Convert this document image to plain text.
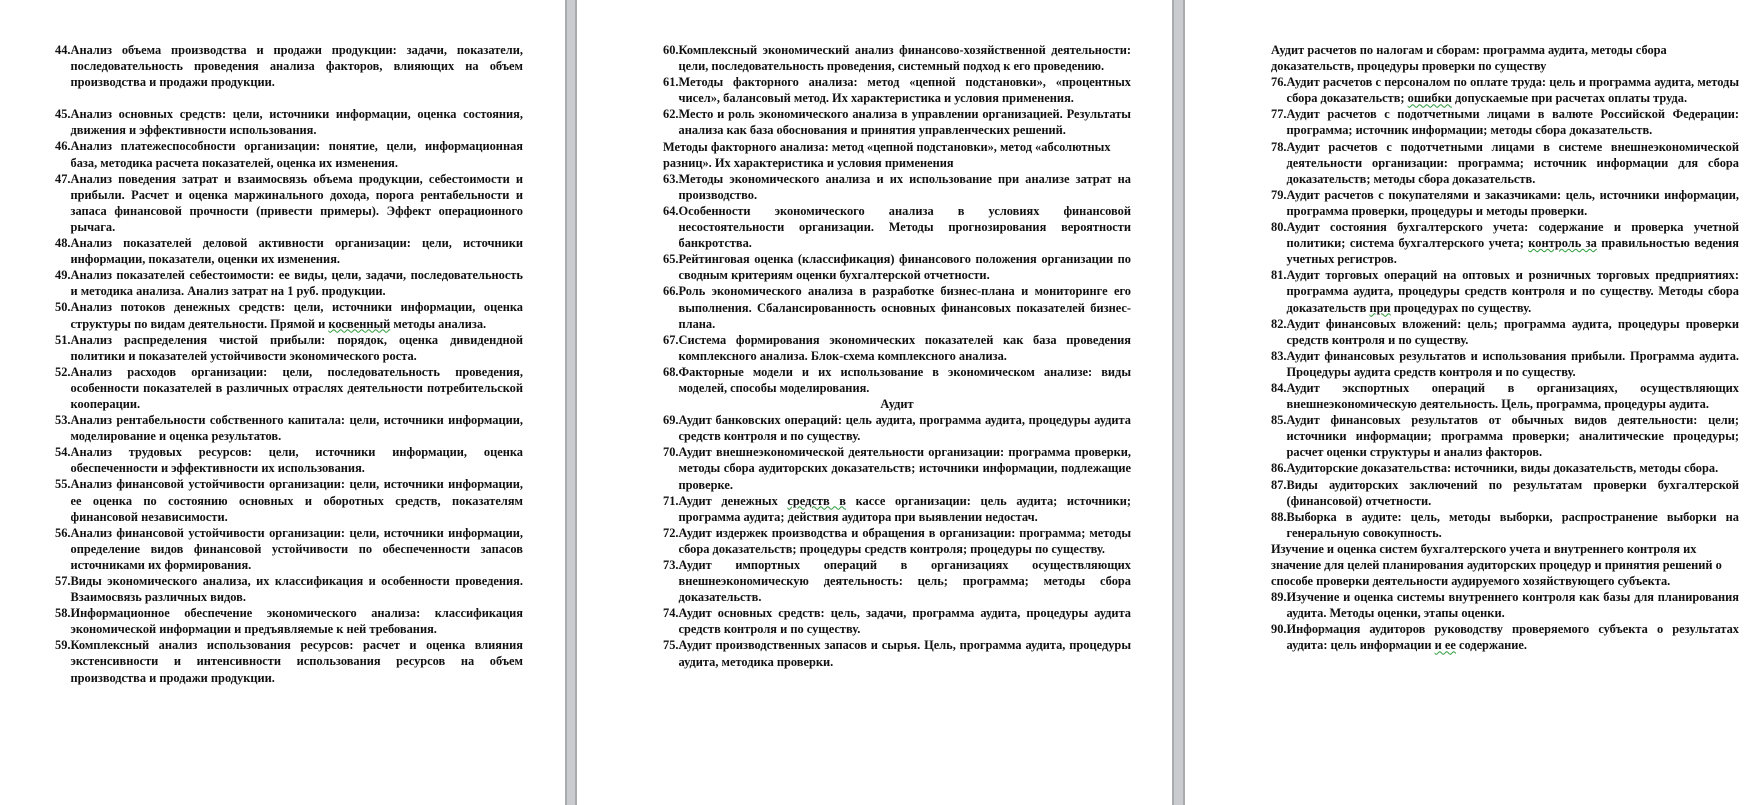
44. Анализ объема производства и продажи продукции: задачи, показатели, последовательность проведения анализа факторов, влияющих на объем производства и продажи продукции.
45. Анализ основных средств: цели, источники информации, оценка состояния, движения и эффективности использования.
46. Анализ платежеспособности организации: понятие, цели, информационная база, методика расчета показателей, оценка их изменения.
47. Анализ поведения затрат и взаимосвязь объема продукции, себестоимости и прибыли. Расчет и оценка маржинального дохода, порога рентабельности и запаса финансовой прочности (привести примеры). Эффект операционного рычага.
48. Анализ показателей деловой активности организации: цели, источники информации, показатели, оценки их изменения.
49. Анализ показателей себестоимости: ее виды, цели, задачи, последовательность и методика анализа. Анализ затрат на 1 руб. продукции.
50. Анализ потоков денежных средств: цели, источники информации, оценка структуры по видам деятельности. Прямой и косвенный методы анализа.
51. Анализ распределения чистой прибыли: порядок, оценка дивидендной политики и показателей устойчивости экономического роста.
52. Анализ расходов организации: цели, последовательность проведения, особенности показателей в различных отраслях деятельности потребительской кооперации.
53. Анализ рентабельности собственного капитала: цели, источники информации, моделирование и оценка результатов.
54. Анализ трудовых ресурсов: цели, источники информации, оценка обеспеченности и эффективности их использования.
55. Анализ финансовой устойчивости организации: цели, источники информации, ее оценка по состоянию основных и оборотных средств, показателям финансовой независимости.
56. Анализ финансовой устойчивости организации: цели, источники информации, определение видов финансовой устойчивости по обеспеченности запасов источниками их формирования.
57. Виды экономического анализа, их классификация и особенности проведения. Взаимосвязь различных видов.
58. Информационное обеспечение экономического анализа: классификация экономической информации и предъявляемые к ней требования.
59. Комплексный анализ использования ресурсов: расчет и оценка влияния экстенсивности и интенсивности использования ресурсов на объем производства и продажи продукции.
60. Комплексный экономический анализ финансово-хозяйственной деятельности: цели, последовательность проведения, системный подход к его проведению.
61. Методы факторного анализа: метод «цепной подстановки», «процентных чисел», балансовый метод. Их характеристика и условия применения.
62. Место и роль экономического анализа в управлении организацией. Результаты анализа как база обоснования и принятия управленческих решений.
Методы факторного анализа: метод «цепной подстановки», метод «абсолютных разниц». Их характеристика и условия применения
63. Методы экономического анализа и их использование при анализе затрат на производство.
64. Особенности экономического анализа в условиях финансовой несостоятельности организации. Методы прогнозирования вероятности банкротства.
65. Рейтинговая оценка (классификация) финансового положения организации по сводным критериям оценки бухгалтерской отчетности.
66. Роль экономического анализа в разработке бизнес-плана и мониторинге его выполнения. Сбалансированность основных финансовых показателей бизнес-плана.
67. Система формирования экономических показателей как база проведения комплексного анализа. Блок-схема комплексного анализа.
68. Факторные модели и их использование в экономическом анализе: виды моделей, способы моделирования.
Аудит
69. Аудит банковских операций: цель аудита, программа аудита, процедуры аудита средств контроля и по существу.
70. Аудит внешнеэкономической деятельности организации: программа проверки, методы сбора аудиторских доказательств; источники информации, подлежащие проверке.
71. Аудит денежных средств в кассе организации: цель аудита; источники; программа аудита; действия аудитора при выявлении недостач.
72. Аудит издержек производства и обращения в организации: программа; методы сбора доказательств; процедуры средств контроля; процедуры по существу.
73. Аудит импортных операций в организациях осуществляющих внешнеэкономическую деятельность: цель; программа; методы сбора доказательств.
74. Аудит основных средств: цель, задачи, программа аудита, процедуры аудита средств контроля и по существу.
75. Аудит производственных запасов и сырья. Цель, программа аудита, процедуры аудита, методика проверки.
Аудит расчетов по налогам и сборам: программа аудита, методы сбора доказательств, процедуры проверки по существу
76. Аудит расчетов с персоналом по оплате труда: цель и программа аудита, методы сбора доказательств; ошибки допускаемые при расчетах оплаты труда.
77. Аудит расчетов с подотчетными лицами в валюте Российской Федерации: программа; источник информации; методы сбора доказательств.
78. Аудит расчетов с подотчетными лицами в системе внешнеэкономической деятельности организации: программа; источник информации для сбора доказательств; методы сбора доказательств.
79. Аудит расчетов с покупателями и заказчиками: цель, источники информации, программа проверки, процедуры и методы проверки.
80. Аудит состояния бухгалтерского учета: содержание и проверка учетной политики; система бухгалтерского учета; контроль за правильностью ведения учетных регистров.
81. Аудит торговых операций на оптовых и розничных торговых предприятиях: программа аудита, процедуры средств контроля и по существу. Методы сбора доказательств при процедурах по существу.
82. Аудит финансовых вложений: цель; программа аудита, процедуры проверки средств контроля и по существу.
83. Аудит финансовых результатов и использования прибыли. Программа аудита. Процедуры аудита средств контроля и по существу.
84. Аудит экспортных операций в организациях, осуществляющих внешнеэкономическую деятельность. Цель, программа, процедуры аудита.
85. Аудит финансовых результатов от обычных видов деятельности: цели; источники информации; программа проверки; аналитические процедуры; расчет оценки структуры и анализ факторов.
86. Аудиторские доказательства: источники, виды доказательств, методы сбора.
87. Виды аудиторских заключений по результатам проверки бухгалтерской (финансовой) отчетности.
88. Выборка в аудите: цель, методы выборки, распространение выборки на генеральную совокупность.
Изучение и оценка систем бухгалтерского учета и внутреннего контроля их значение для целей планирования аудиторских процедур и принятия решений о способе проверки деятельности аудируемого хозяйствующего субъекта.
89. Изучение и оценка системы внутреннего контроля как базы для планирования аудита. Методы оценки, этапы оценки.
90. Информация аудиторов руководству проверяемого субъекта о результатах аудита: цель информации и ее содержание.
